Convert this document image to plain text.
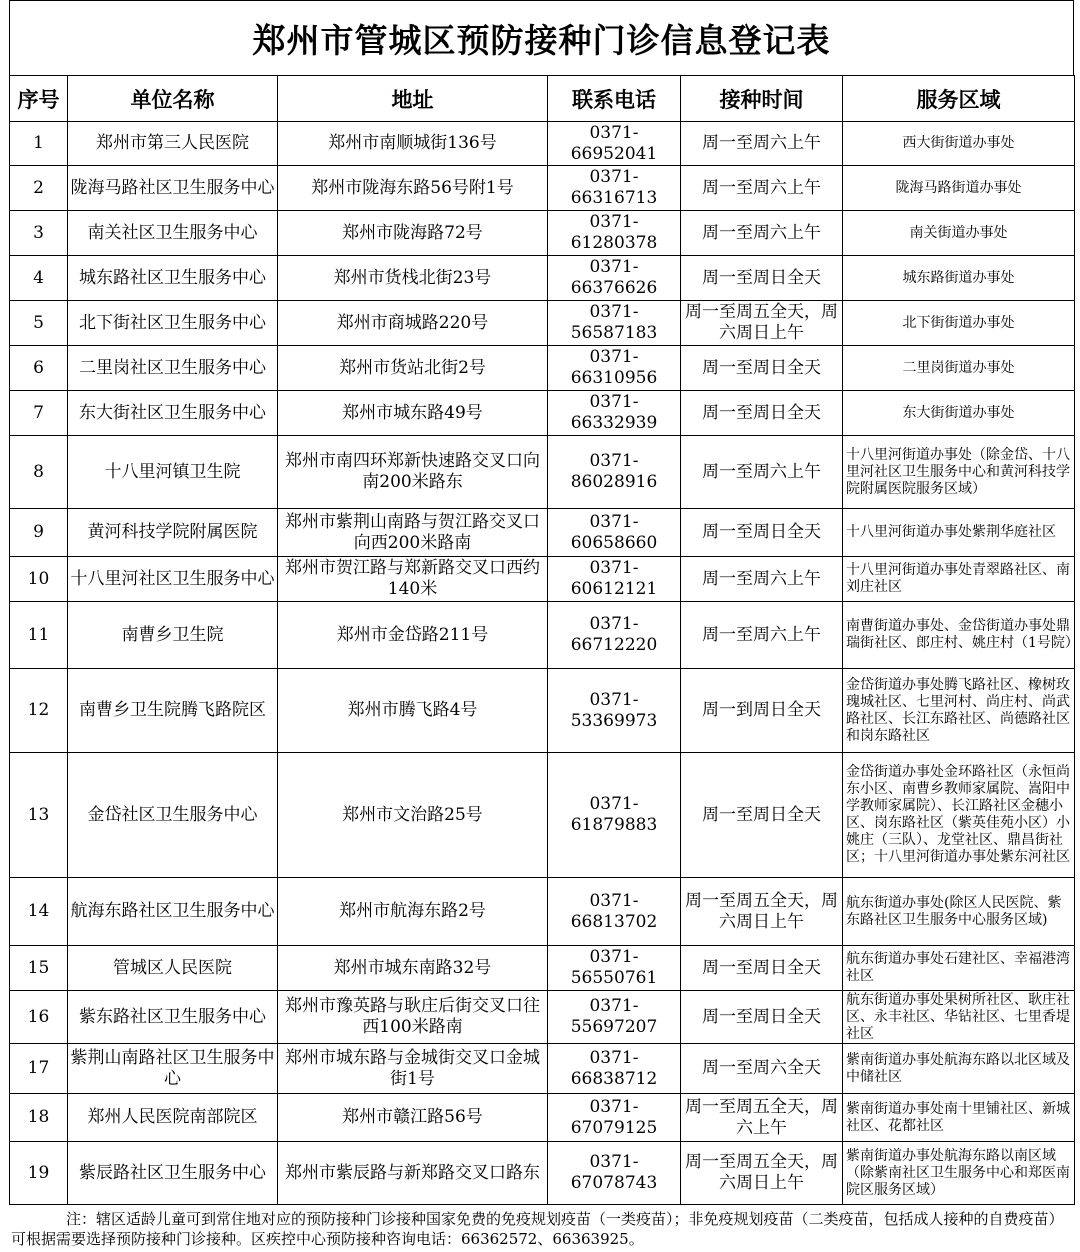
郑州市管城区预防接种门诊信息登记表
序号	单位名称	地址	联系电话	接种时间	服务区域
1	郑州市第三人民医院	郑州市南顺城街136号	0371-66952041	周一至周六上午	西大街街道办事处
2	陇海马路社区卫生服务中心	郑州市陇海东路56号附1号	0371-66316713	周一至周六上午	陇海马路街道办事处
3	南关社区卫生服务中心	郑州市陇海路72号	0371-61280378	周一至周六上午	南关街道办事处
4	城东路社区卫生服务中心	郑州市货栈北街23号	0371-66376626	周一至周日全天	城东路街道办事处
5	北下街社区卫生服务中心	郑州市商城路220号	0371-56587183	周一至周五全天，周六周日上午	北下街街道办事处
6	二里岗社区卫生服务中心	郑州市货站北街2号	0371-66310956	周一至周日全天	二里岗街道办事处
7	东大街社区卫生服务中心	郑州市城东路49号	0371-66332939	周一至周日全天	东大街街道办事处
8	十八里河镇卫生院	郑州市南四环郑新快速路交叉口向南200米路东	0371-86028916	周一至周六上午	十八里河街道办事处（除金岱、十八里河社区卫生服务中心和黄河科技学院附属医院服务区域）
9	黄河科技学院附属医院	郑州市紫荆山南路与贺江路交叉口向西200米路南	0371-60658660	周一至周日全天	十八里河街道办事处紫荆华庭社区
10	十八里河社区卫生服务中心	郑州市贺江路与郑新路交叉口西约140米	0371-60612121	周一至周六上午	十八里河街道办事处青翠路社区、南刘庄社区
11	南曹乡卫生院	郑州市金岱路211号	0371-66712220	周一至周六上午	南曹街道办事处、金岱街道办事处鼎瑞街社区、郎庄村、姚庄村（1号院）
12	南曹乡卫生院腾飞路院区	郑州市腾飞路4号	0371-53369973	周一到周日全天	金岱街道办事处腾飞路社区、橡树玫瑰城社区、七里河村、尚庄村、尚武路社区、长江东路社区、尚德路社区和岗东路社区
13	金岱社区卫生服务中心	郑州市文治路25号	0371-61879883	周一至周日全天	金岱街道办事处金环路社区（永恒尚东小区、南曹乡教师家属院、嵩阳中学教师家属院）、长江路社区金穗小区、岗东路社区（紫英佳苑小区）小姚庄（三队）、龙堂社区、鼎昌街社区；十八里河街道办事处紫东河社区
14	航海东路社区卫生服务中心	郑州市航海东路2号	0371-66813702	周一至周五全天，周六周日上午	航东街道办事处(除区人民医院、紫东路社区卫生服务中心服务区域)
15	管城区人民医院	郑州市城东南路32号	0371-56550761	周一至周日全天	航东街道办事处石建社区、幸福港湾社区
16	紫东路社区卫生服务中心	郑州市豫英路与耿庄后街交叉口往西100米路南	0371-55697207	周一至周日全天	航东街道办事处果树所社区、耿庄社区、永丰社区、华钻社区、七里香堤社区
17	紫荆山南路社区卫生服务中心	郑州市城东路与金城街交叉口金城街1号	0371-66838712	周一至周六全天	紫南街道办事处航海东路以北区域及中储社区
18	郑州人民医院南部院区	郑州市赣江路56号	0371-67079125	周一至周五全天，周六上午	紫南街道办事处南十里铺社区、新城社区、花都社区
19	紫辰路社区卫生服务中心	郑州市紫辰路与新郑路交叉口路东	0371-67078743	周一至周五全天，周六周日上午	紫南街道办事处航海东路以南区域（除紫南社区卫生服务中心和郑医南院区服务区域）
注：辖区适龄儿童可到常住地对应的预防接种门诊接种国家免费的免疫规划疫苗（一类疫苗）；非免疫规划疫苗（二类疫苗，包括成人接种的自费疫苗）可根据需要选择预防接种门诊接种。区疾控中心预防接种咨询电话：66362572、66363925。
